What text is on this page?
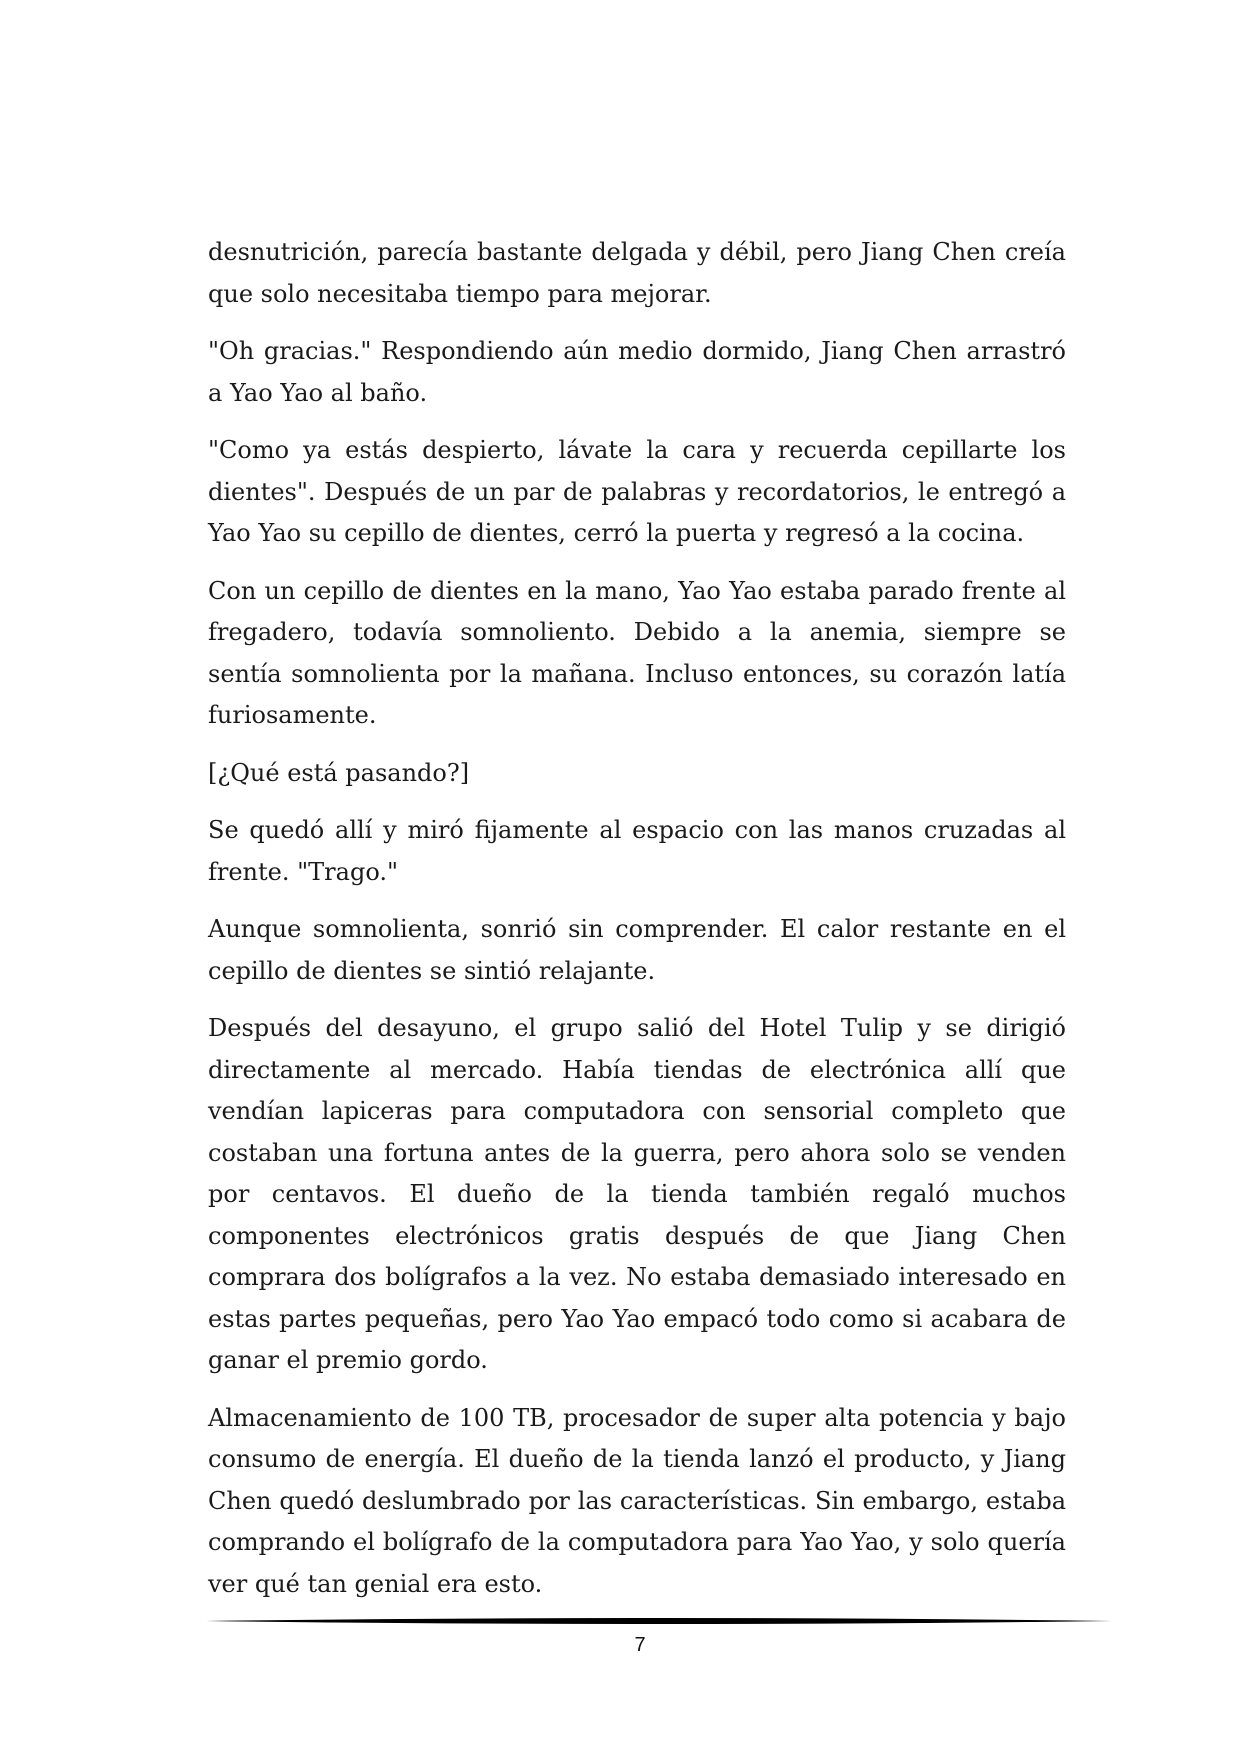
desnutrición, parecía bastante delgada y débil, pero Jiang Chen creía que solo necesitaba tiempo para mejorar.

"Oh gracias." Respondiendo aún medio dormido, Jiang Chen arrastró a Yao Yao al baño.

"Como ya estás despierto, lávate la cara y recuerda cepillarte los dientes". Después de un par de palabras y recordatorios, le entregó a Yao Yao su cepillo de dientes, cerró la puerta y regresó a la cocina.

Con un cepillo de dientes en la mano, Yao Yao estaba parado frente al fregadero, todavía somnoliento. Debido a la anemia, siempre se sentía somnolienta por la mañana. Incluso entonces, su corazón latía furiosamente.

[¿Qué está pasando?]

Se quedó allí y miró fijamente al espacio con las manos cruzadas al frente. "Trago."

Aunque somnolienta, sonrió sin comprender. El calor restante en el cepillo de dientes se sintió relajante.

Después del desayuno, el grupo salió del Hotel Tulip y se dirigió directamente al mercado. Había tiendas de electrónica allí que vendían lapiceras para computadora con sensorial completo que costaban una fortuna antes de la guerra, pero ahora solo se venden por centavos. El dueño de la tienda también regaló muchos componentes electrónicos gratis después de que Jiang Chen comprara dos bolígrafos a la vez. No estaba demasiado interesado en estas partes pequeñas, pero Yao Yao empacó todo como si acabara de ganar el premio gordo.

Almacenamiento de 100 TB, procesador de super alta potencia y bajo consumo de energía. El dueño de la tienda lanzó el producto, y Jiang Chen quedó deslumbrado por las características. Sin embargo, estaba comprando el bolígrafo de la computadora para Yao Yao, y solo quería ver qué tan genial era esto.

7
